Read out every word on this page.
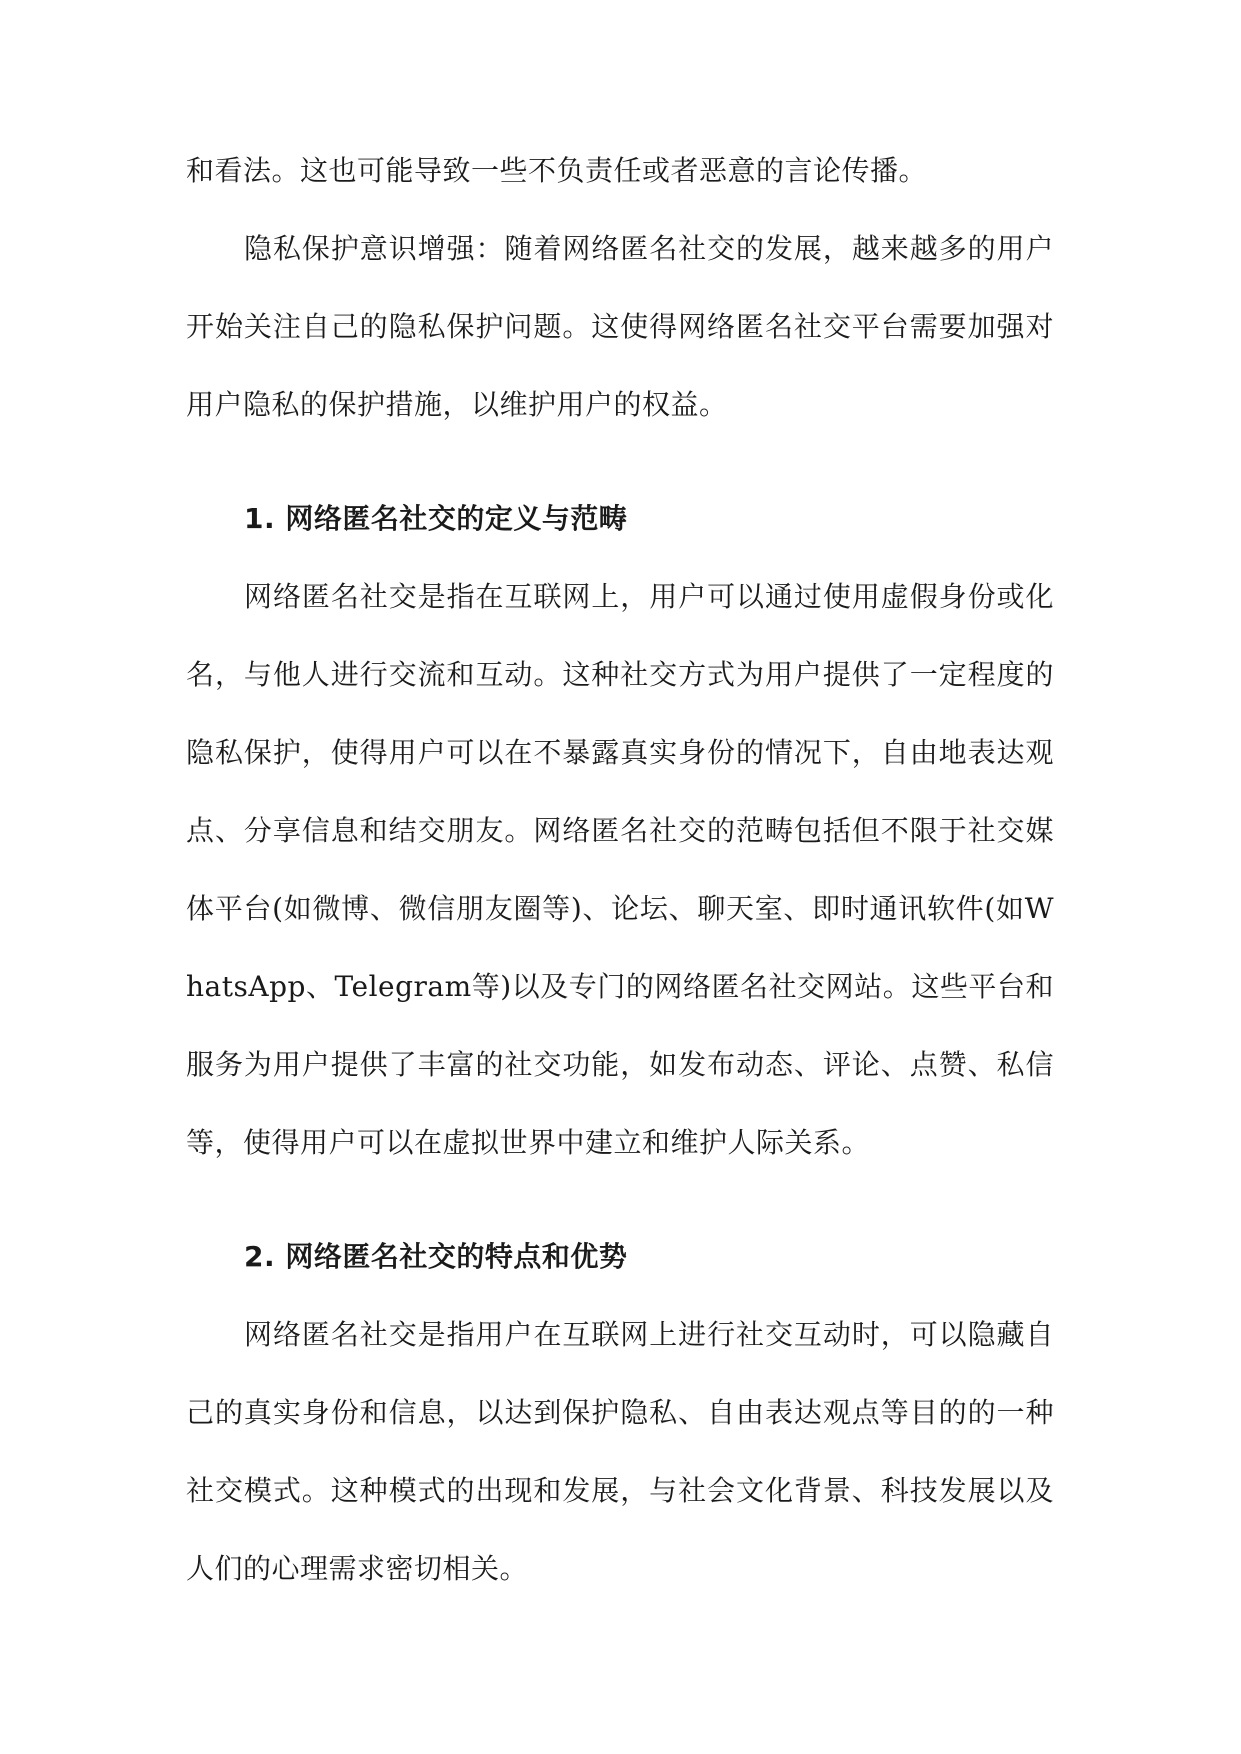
和看法。这也可能导致一些不负责任或者恶意的言论传播。

隐私保护意识增强：随着网络匿名社交的发展，越来越多的用户开始关注自己的隐私保护问题。这使得网络匿名社交平台需要加强对用户隐私的保护措施，以维护用户的权益。

1. 网络匿名社交的定义与范畴

网络匿名社交是指在互联网上，用户可以通过使用虚假身份或化名，与他人进行交流和互动。这种社交方式为用户提供了一定程度的隐私保护，使得用户可以在不暴露真实身份的情况下，自由地表达观点、分享信息和结交朋友。网络匿名社交的范畴包括但不限于社交媒体平台(如微博、微信朋友圈等)、论坛、聊天室、即时通讯软件(如WhatsApp、Telegram等)以及专门的网络匿名社交网站。这些平台和服务为用户提供了丰富的社交功能，如发布动态、评论、点赞、私信等，使得用户可以在虚拟世界中建立和维护人际关系。

2. 网络匿名社交的特点和优势

网络匿名社交是指用户在互联网上进行社交互动时，可以隐藏自己的真实身份和信息，以达到保护隐私、自由表达观点等目的的一种社交模式。这种模式的出现和发展，与社会文化背景、科技发展以及人们的心理需求密切相关。
